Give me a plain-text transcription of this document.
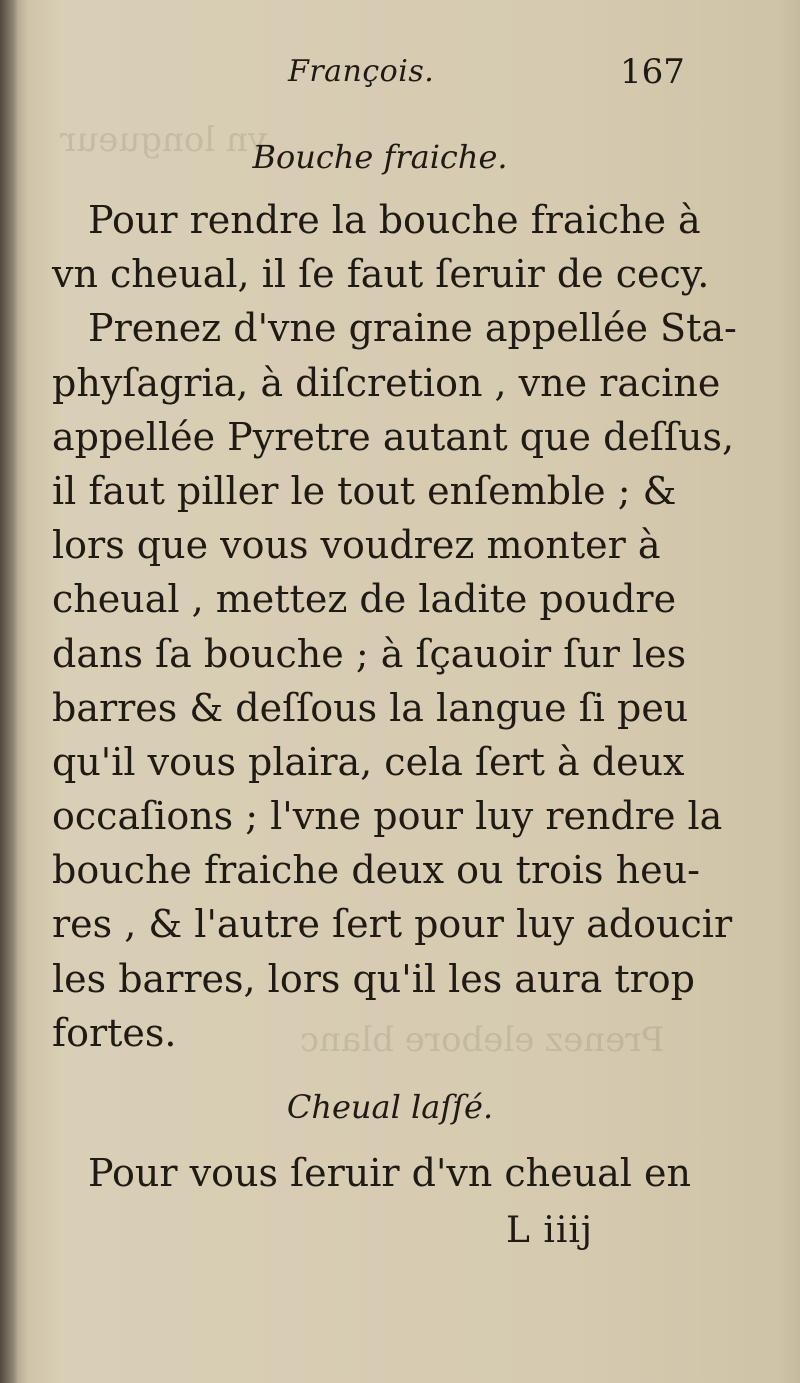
vn longueur
Prenez elebore blanc
François.	167
Bouche fraiche.
Pour rendre la bouche fraiche à
vn cheual, il ſe faut ſeruir de cecy.
Prenez d'vne graine appellée Sta-
phyſagria, à diſcretion , vne racine
appellée Pyretre autant que deſſus,
il faut piller le tout enſemble ; &
lors que vous voudrez monter à
cheual , mettez de ladite poudre
dans ſa bouche ; à ſçauoir ſur les
barres & deſſous la langue ſi peu
qu'il vous plaira, cela ſert à deux
occaſions ; l'vne pour luy rendre la
bouche fraiche deux ou trois heu-
res , & l'autre ſert pour luy adoucir
les barres, lors qu'il les aura trop
fortes.
Cheual laſſé.
Pour vous ſeruir d'vn cheual en
L iiij
